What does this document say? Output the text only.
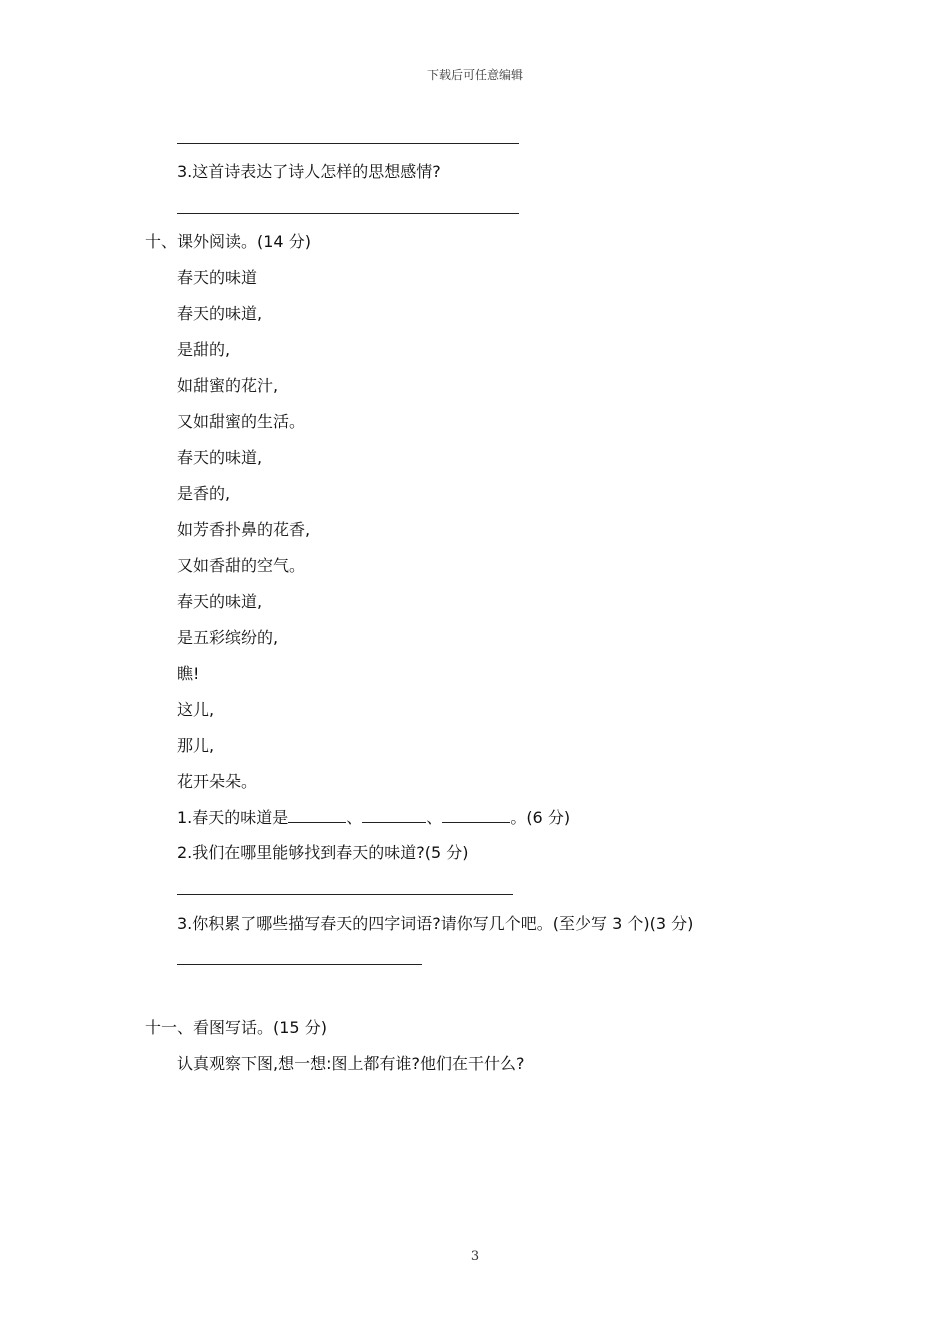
下载后可任意编辑
3.这首诗表达了诗人怎样的思想感情?
十、课外阅读。(14 分)
春天的味道
春天的味道,
是甜的,
如甜蜜的花汁,
又如甜蜜的生活。
春天的味道,
是香的,
如芳香扑鼻的花香,
又如香甜的空气。
春天的味道,
是五彩缤纷的,
瞧!
这儿,
那儿,
花开朵朵。
1.春天的味道是	、	、	。(6 分)
2.我们在哪里能够找到春天的味道?(5 分)
3.你积累了哪些描写春天的四字词语?请你写几个吧。(至少写 3 个)(3 分)
十一、看图写话。(15 分)
认真观察下图,想一想:图上都有谁?他们在干什么?
3
